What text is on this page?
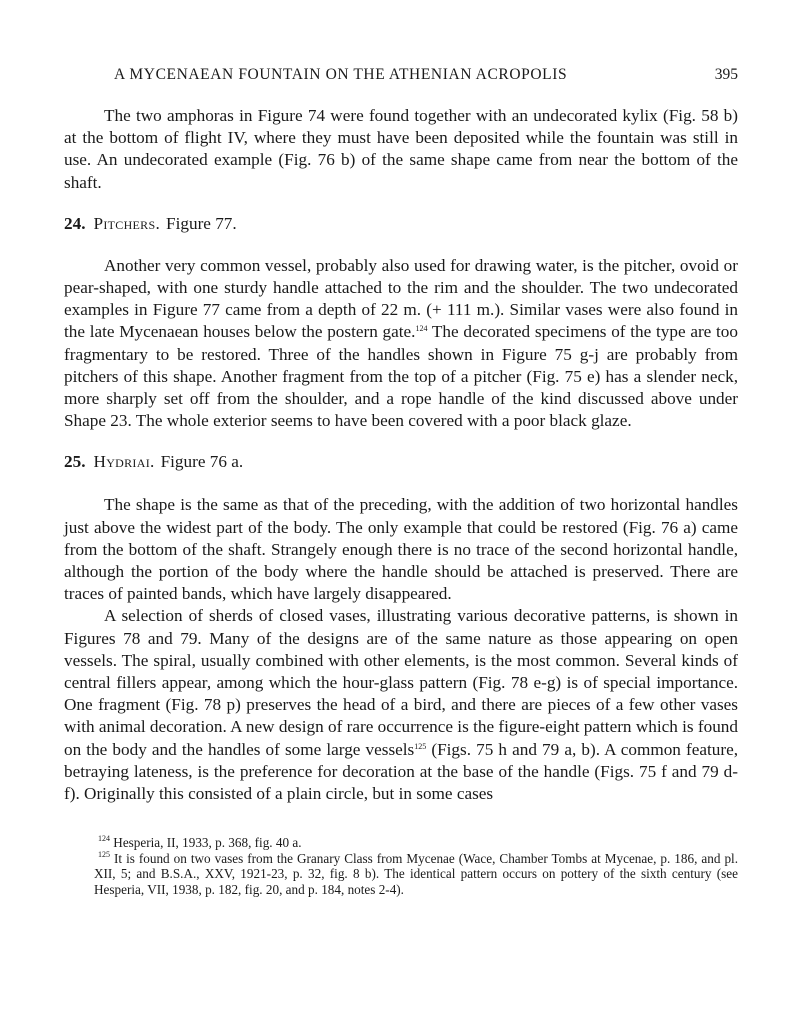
A MYCENAEAN FOUNTAIN ON THE ATHENIAN ACROPOLIS	395

The two amphoras in Figure 74 were found together with an undecorated kylix (Fig. 58 b) at the bottom of flight IV, where they must have been deposited while the fountain was still in use. An undecorated example (Fig. 76 b) of the same shape came from near the bottom of the shaft.

24. Pitchers. Figure 77.

Another very common vessel, probably also used for drawing water, is the pitcher, ovoid or pear-shaped, with one sturdy handle attached to the rim and the shoulder. The two undecorated examples in Figure 77 came from a depth of 22 m. (+ 111 m.). Similar vases were also found in the late Mycenaean houses below the postern gate.$^{124}$ The decorated specimens of the type are too fragmentary to be restored. Three of the handles shown in Figure 75 g-j are probably from pitchers of this shape. Another fragment from the top of a pitcher (Fig. 75 e) has a slender neck, more sharply set off from the shoulder, and a rope handle of the kind discussed above under Shape 23. The whole exterior seems to have been covered with a poor black glaze.

25. Hydriai. Figure 76 a.

The shape is the same as that of the preceding, with the addition of two horizontal handles just above the widest part of the body. The only example that could be restored (Fig. 76 a) came from the bottom of the shaft. Strangely enough there is no trace of the second horizontal handle, although the portion of the body where the handle should be attached is preserved. There are traces of painted bands, which have largely disappeared.

A selection of sherds of closed vases, illustrating various decorative patterns, is shown in Figures 78 and 79. Many of the designs are of the same nature as those appearing on open vessels. The spiral, usually combined with other elements, is the most common. Several kinds of central fillers appear, among which the hour-glass pattern (Fig. 78 e-g) is of special importance. One fragment (Fig. 78 p) preserves the head of a bird, and there are pieces of a few other vases with animal decoration. A new design of rare occurrence is the figure-eight pattern which is found on the body and the handles of some large vessels$^{125}$ (Figs. 75 h and 79 a, b). A common feature, betraying lateness, is the preference for decoration at the base of the handle (Figs. 75 f and 79 d-f). Originally this consisted of a plain circle, but in some cases

$^{124}$ Hesperia, II, 1933, p. 368, fig. 40 a.

$^{125}$ It is found on two vases from the Granary Class from Mycenae (Wace, Chamber Tombs at Mycenae, p. 186, and pl. XII, 5; and B.S.A., XXV, 1921-23, p. 32, fig. 8 b). The identical pattern occurs on pottery of the sixth century (see Hesperia, VII, 1938, p. 182, fig. 20, and p. 184, notes 2-4).
